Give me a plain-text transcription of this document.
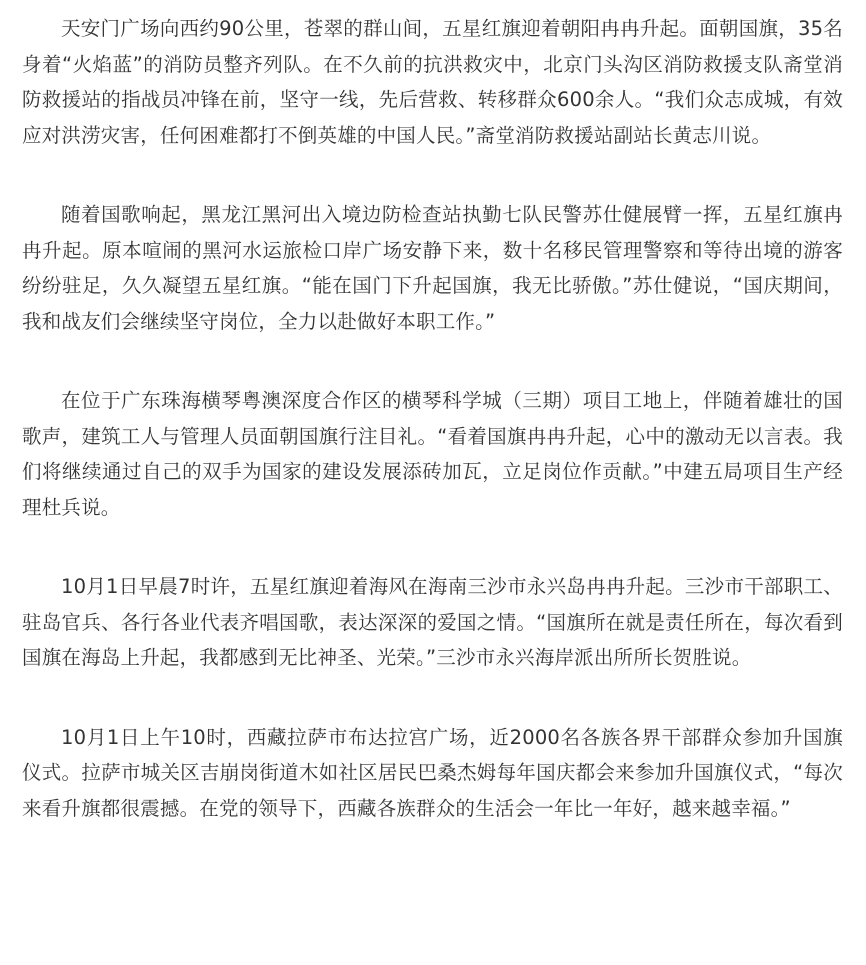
天安门广场向西约90公里，苍翠的群山间，五星红旗迎着朝阳冉冉升起。面朝国旗，35名身着“火焰蓝”的消防员整齐列队。在不久前的抗洪救灾中，北京门头沟区消防救援支队斋堂消防救援站的指战员冲锋在前，坚守一线，先后营救、转移群众600余人。“我们众志成城，有效应对洪涝灾害，任何困难都打不倒英雄的中国人民。”斋堂消防救援站副站长黄志川说。

随着国歌响起，黑龙江黑河出入境边防检查站执勤七队民警苏仕健展臂一挥，五星红旗冉冉升起。原本喧闹的黑河水运旅检口岸广场安静下来，数十名移民管理警察和等待出境的游客纷纷驻足，久久凝望五星红旗。“能在国门下升起国旗，我无比骄傲。”苏仕健说，“国庆期间，我和战友们会继续坚守岗位，全力以赴做好本职工作。”

在位于广东珠海横琴粤澳深度合作区的横琴科学城（三期）项目工地上，伴随着雄壮的国歌声，建筑工人与管理人员面朝国旗行注目礼。“看着国旗冉冉升起，心中的激动无以言表。我们将继续通过自己的双手为国家的建设发展添砖加瓦，立足岗位作贡献。”中建五局项目生产经理杜兵说。

10月1日早晨7时许，五星红旗迎着海风在海南三沙市永兴岛冉冉升起。三沙市干部职工、驻岛官兵、各行各业代表齐唱国歌，表达深深的爱国之情。“国旗所在就是责任所在，每次看到国旗在海岛上升起，我都感到无比神圣、光荣。”三沙市永兴海岸派出所所长贺胜说。

10月1日上午10时，西藏拉萨市布达拉宫广场，近2000名各族各界干部群众参加升国旗仪式。拉萨市城关区吉崩岗街道木如社区居民巴桑杰姆每年国庆都会来参加升国旗仪式，“每次来看升旗都很震撼。在党的领导下，西藏各族群众的生活会一年比一年好，越来越幸福。”
